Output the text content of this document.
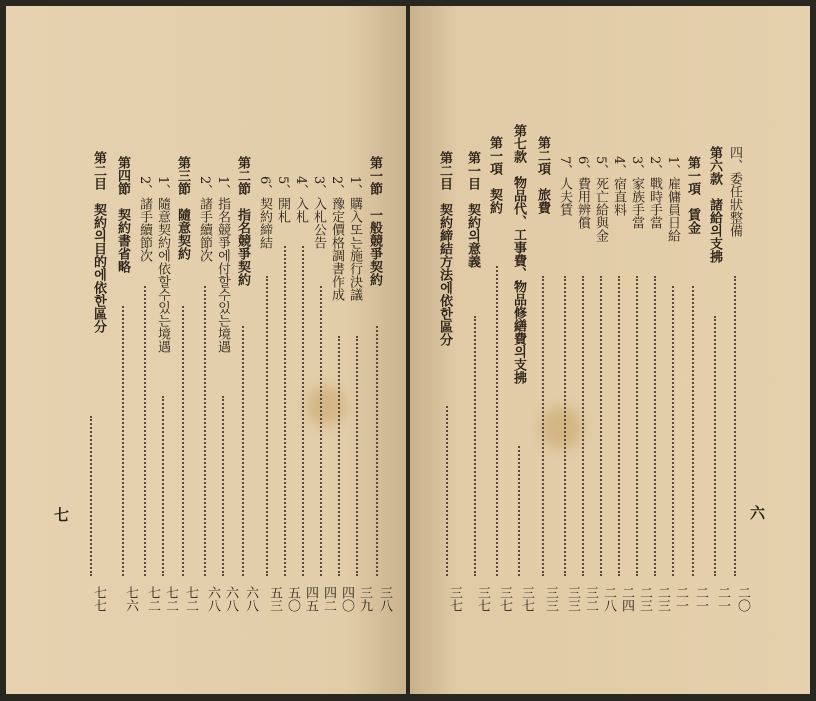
第一節　一般競爭契約
三八
1、購入또는施行決議
三九
2、豫定價格調書作成
四〇
3、入札公告
四二
4、入札
四五
5、開札
五〇
6、契約締結
五三
第二節　指名競爭契約
六八
1、指名競爭에付할수있는境遇
六八
2、諸手續節次
六八
第三節　隨意契約
七二
1、隨意契約에依할수있는境遇
七二
2、諸手續節次
七二
第四節　契約書省略
七六
第二目　契約의目的에依한區分
七七
七
四、委任狀整備
二〇
第六款　諸給의支拂
二一
第一項　賃金
二一
1、雇傭員日給
二一
2、戰時手當
二三
3、家族手當
二三
4、宿直料
二四
5、死亡給與金
二八
6、費用辨償
三二
7、人夫賃
三三
第二項　旅費
三三
第七款　物品代、工事費、物品修繕費의支拂
三七
第一項　契約
三七
第一目　契約의意義
三七
第二目　契約締結方法에依한區分
三七
六
